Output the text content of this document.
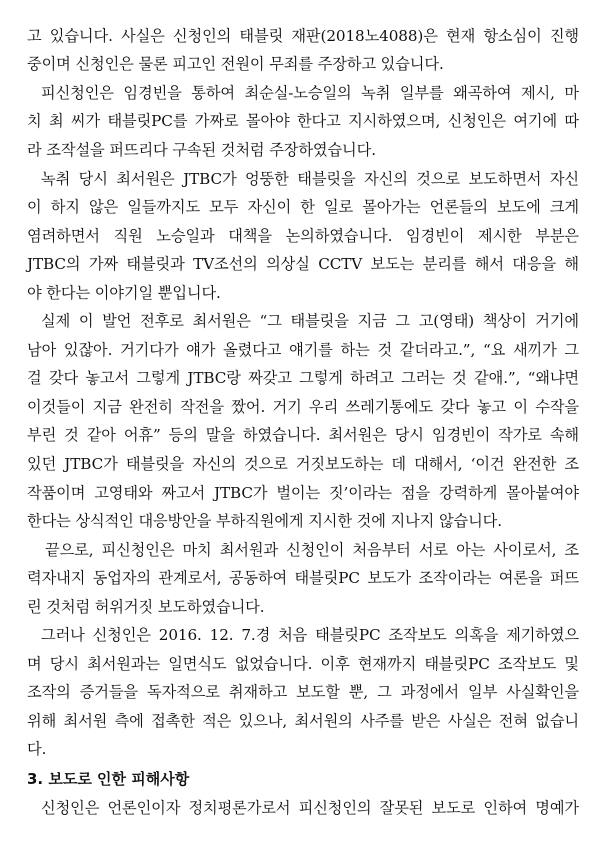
고 있습니다. 사실은 신청인의 태블릿 재판(2018노4088)은 현재 항소심이 진행

중이며 신청인은 물론 피고인 전원이 무죄를 주장하고 있습니다.

피신청인은 임경빈을 통하여 최순실-노승일의 녹취 일부를 왜곡하여 제시, 마

치 최 씨가 태블릿PC를 가짜로 몰아야 한다고 지시하였으며, 신청인은 여기에 따

라 조작설을 퍼뜨리다 구속된 것처럼 주장하였습니다.

녹취 당시 최서원은 JTBC가 엉뚱한 태블릿을 자신의 것으로 보도하면서 자신

이 하지 않은 일들까지도 모두 자신이 한 일로 몰아가는 언론들의 보도에 크게

염려하면서 직원 노승일과 대책을 논의하였습니다. 임경빈이 제시한 부분은

JTBC의 가짜 태블릿과 TV조선의 의상실 CCTV 보도는 분리를 해서 대응을 해

야 한다는 이야기일 뿐입니다.

실제 이 발언 전후로 최서원은 “그 태블릿을 지금 그 고(영태) 책상이 거기에

남아 있잖아. 거기다가 얘가 올렸다고 얘기를 하는 것 같더라고.”, “요 새끼가 그

걸 갖다 놓고서 그렇게 JTBC랑 짜갖고 그렇게 하려고 그러는 것 같애.”, “왜냐면

이것들이 지금 완전히 작전을 짰어. 거기 우리 쓰레기통에도 갖다 놓고 이 수작을

부린 것 같아 어휴” 등의 말을 하였습니다. 최서원은 당시 임경빈이 작가로 속해

있던 JTBC가 태블릿을 자신의 것으로 거짓보도하는 데 대해서, ‘이건 완전한 조

작품이며 고영태와 짜고서 JTBC가 벌이는 짓’이라는 점을 강력하게 몰아붙여야

한다는 상식적인 대응방안을 부하직원에게 지시한 것에 지나지 않습니다.

끝으로, 피신청인은 마치 최서원과 신청인이 처음부터 서로 아는 사이로서, 조

력자내지 동업자의 관계로서, 공동하여 태블릿PC 보도가 조작이라는 여론을 퍼뜨

린 것처럼 허위거짓 보도하였습니다.

그러나 신청인은 2016. 12. 7.경 처음 태블릿PC 조작보도 의혹을 제기하였으

며 당시 최서원과는 일면식도 없었습니다. 이후 현재까지 태블릿PC 조작보도 및

조작의 증거들을 독자적으로 취재하고 보도할 뿐, 그 과정에서 일부 사실확인을

위해 최서원 측에 접촉한 적은 있으나, 최서원의 사주를 받은 사실은 전혀 없습니

다.

3. 보도로 인한 피해사항

신청인은 언론인이자 정치평론가로서 피신청인의 잘못된 보도로 인하여 명예가
